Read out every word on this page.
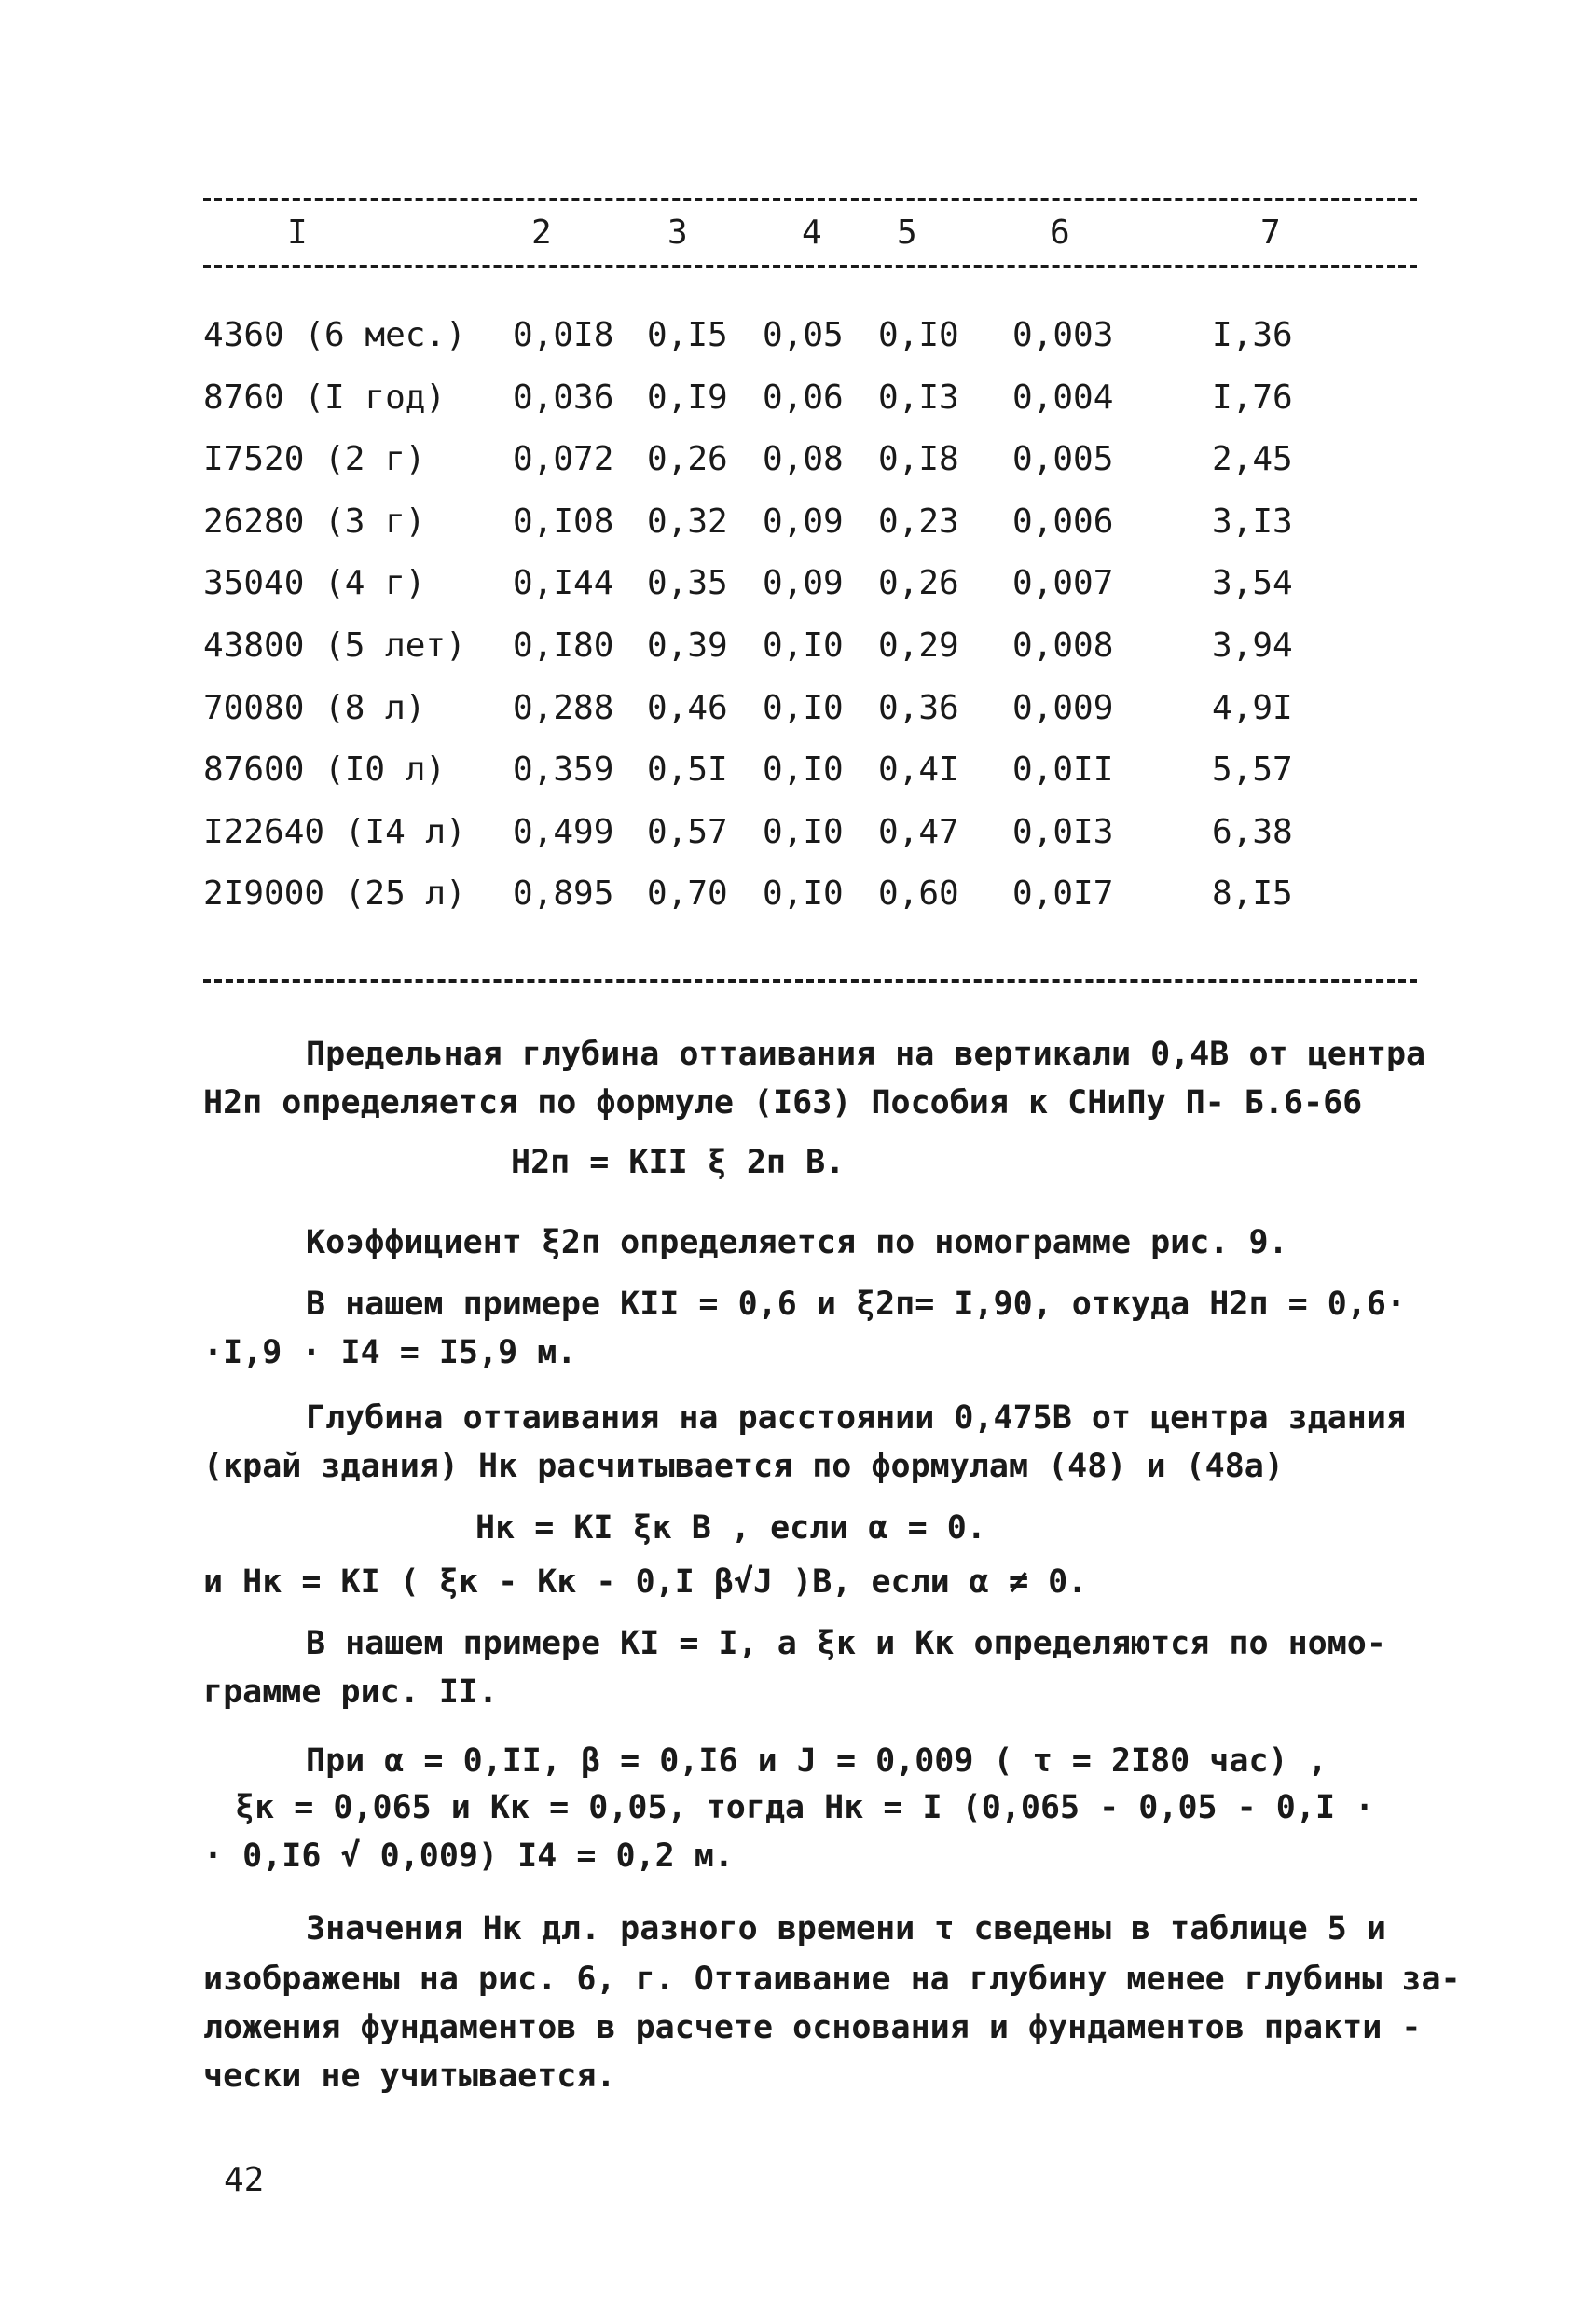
I	2	3	4 5	6	7
4360 (6 мес.) 0,0I8 0,I5 0,05 0,I0 0,003	I,36
8760 (I год) 0,036 0,I9 0,06 0,I3 0,004	I,76
I7520 (2 г)	0,072 0,26 0,08 0,I8 0,005	2,45
26280 (3 г)	0,I08 0,32 0,09 0,23 0,006	3,I3
35040 (4 г)	0,I44 0,35 0,09 0,26 0,007	3,54
43800 (5 лет) 0,I80 0,39 0,I0 0,29 0,008	3,94
70080 (8 л)	0,288 0,46 0,I0 0,36 0,009	4,9I
87600 (I0 л) 0,359 0,5I 0,I0 0,4I 0,0II	5,57
I22640 (I4 л) 0,499 0,57 0,I0 0,47 0,0I3	6,38
2I9000 (25 л) 0,895 0,70 0,I0 0,60 0,0I7	8,I5
Предельная глубина оттаивания на вертикали 0,4В от центра
Н2п определяется по формуле (I63) Пособия к СНиПу П- Б.6-66
Н2п = КII ξ 2п В.
Коэффициент ξ2п определяется по номограмме рис. 9.
В нашем примере КII = 0,6 и ξ2п= I,90, откуда Н2п = 0,6·
·I,9 · I4 = I5,9 м.
Глубина оттаивания на расстоянии 0,475В от центра здания
(край здания) Нк расчитывается по формулам (48) и (48а)
Нк = КI ξк В , если α = 0.
и Нк = КI ( ξк - Кк - 0,I β√J )В, если α ≠ 0.
В нашем примере КI = I, а ξк и Кк определяются по номо-
грамме рис. II.
При α = 0,II, β = 0,I6 и J = 0,009 ( τ = 2I80 час) ,
ξк = 0,065 и Кк = 0,05, тогда Нк = I (0,065 - 0,05 - 0,I ·
· 0,I6 √ 0,009) I4 = 0,2 м.
Значения Нк дл. разного времени τ сведены в таблице 5 и
изображены на рис. 6, г. Оттаивание на глубину менее глубины за-
ложения фундаментов в расчете основания и фундаментов практи -
чески не учитывается.
42
